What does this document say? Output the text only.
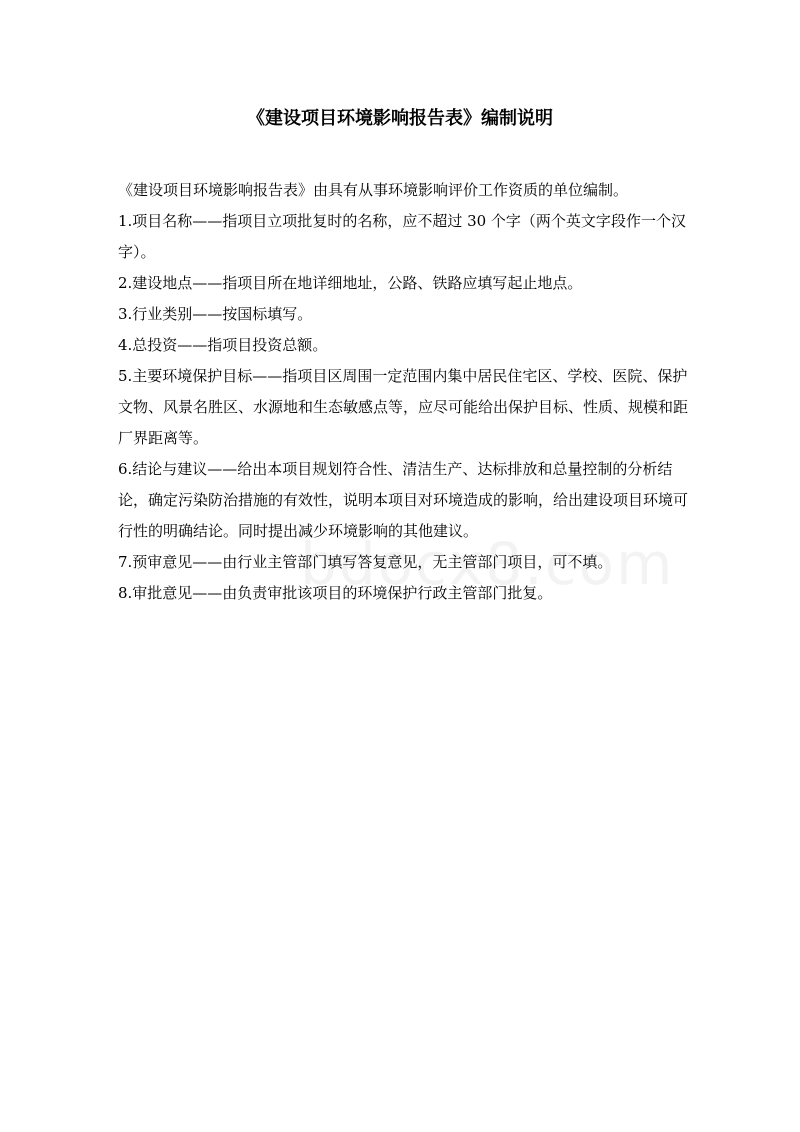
《建设项目环境影响报告表》编制说明

《建设项目环境影响报告表》由具有从事环境影响评价工作资质的单位编制。

1.项目名称——指项目立项批复时的名称，应不超过 30 个字（两个英文字段作一个汉字）。

2.建设地点——指项目所在地详细地址，公路、铁路应填写起止地点。

3.行业类别——按国标填写。

4.总投资——指项目投资总额。

5.主要环境保护目标——指项目区周围一定范围内集中居民住宅区、学校、医院、保护文物、风景名胜区、水源地和生态敏感点等，应尽可能给出保护目标、性质、规模和距厂界距离等。

6.结论与建议——给出本项目规划符合性、清洁生产、达标排放和总量控制的分析结论，确定污染防治措施的有效性，说明本项目对环境造成的影响，给出建设项目环境可行性的明确结论。同时提出减少环境影响的其他建议。

7.预审意见——由行业主管部门填写答复意见，无主管部门项目，可不填。

8.审批意见——由负责审批该项目的环境保护行政主管部门批复。
